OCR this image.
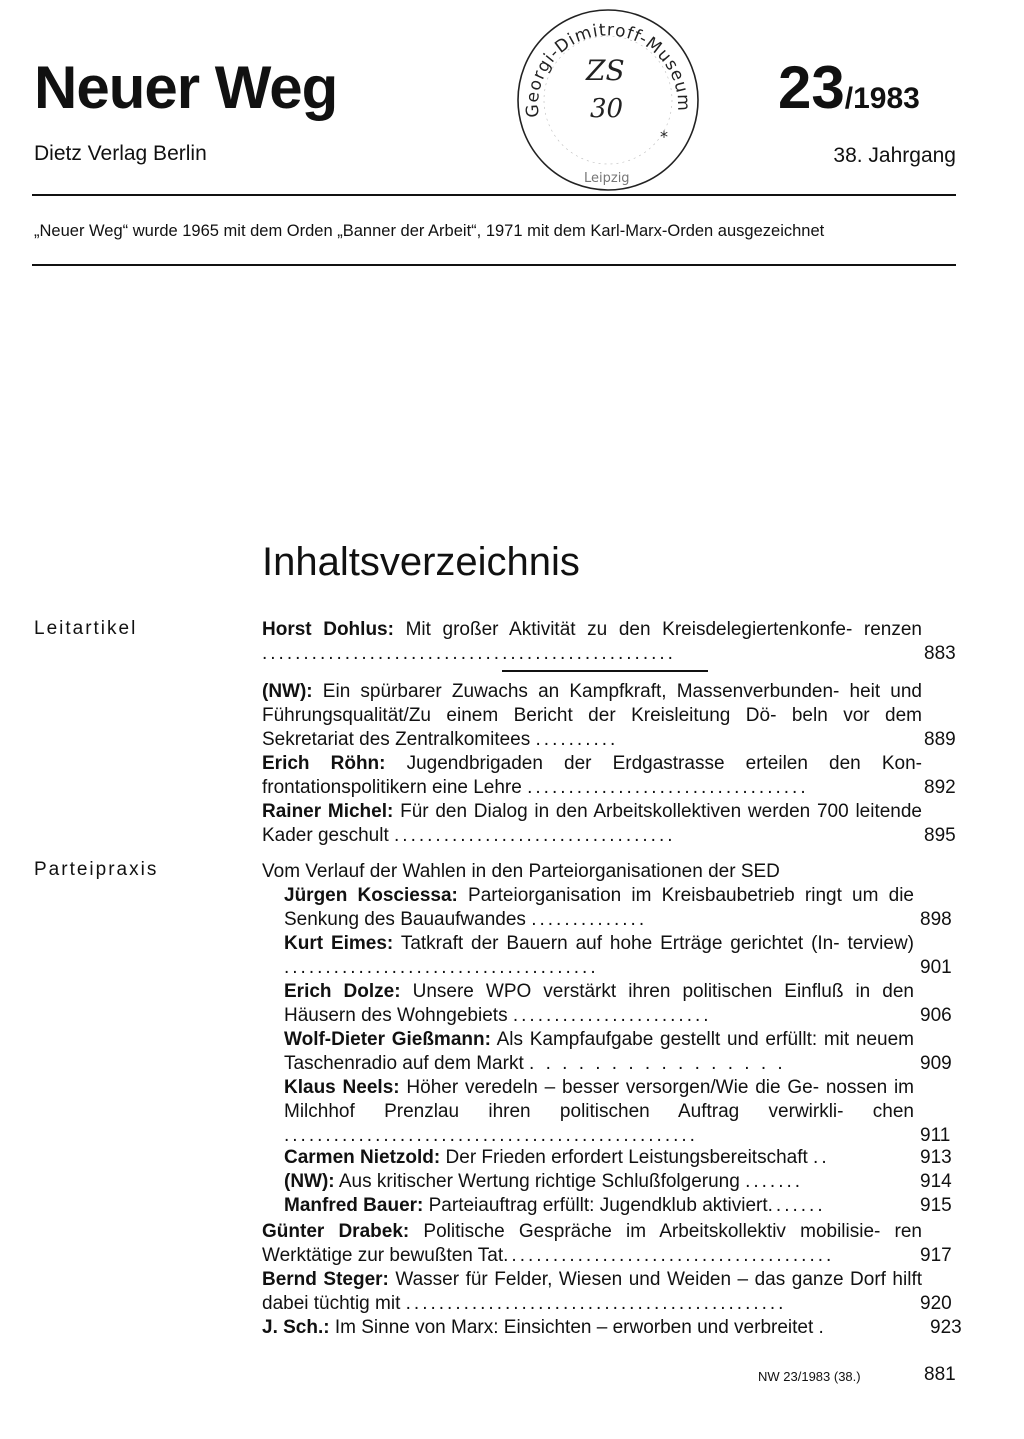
Neuer Weg
Dietz Verlag Berlin
23/1983
38. Jahrgang
„Neuer Weg“ wurde 1965 mit dem Orden „Banner der Arbeit“, 1971 mit dem Karl-Marx-Orden ausgezeichnet
Georgi-Dimitroff-Museum
Leipzig
*
ZS
30
Inhaltsverzeichnis
Leitartikel
Parteipraxis
Horst Dohlus: Mit großer Aktivität zu den Kreisdelegiertenkonfe- renzen ..................................................	883
(NW): Ein spürbarer Zuwachs an Kampfkraft, Massenverbunden- heit und Führungsqualität/Zu einem Bericht der Kreisleitung Dö- beln vor dem Sekretariat des Zentralkomitees ..........	889
Erich Röhn: Jugendbrigaden der Erdgastrasse erteilen den Kon- frontationspolitikern eine Lehre ..................................	892
Rainer Michel: Für den Dialog in den Arbeitskollektiven werden 700 leitende Kader geschult ..................................	895
Vom Verlauf der Wahlen in den Parteiorganisationen der SED
Jürgen Kosciessa: Parteiorganisation im Kreisbaubetrieb ringt um die Senkung des Bauaufwandes ..............	898
Kurt Eimes: Tatkraft der Bauern auf hohe Erträge gerichtet (In- terview) ......................................	901
Erich Dolze: Unsere WPO verstärkt ihren politischen Einfluß in den Häusern des Wohngebiets ........................	906
Wolf-Dieter Gießmann: Als Kampfaufgabe gestellt und erfüllt: mit neuem Taschenradio auf dem Markt . . . . . . . . . . . . . . . .	909
Klaus Neels: Höher veredeln – besser versorgen/Wie die Ge- nossen im Milchhof Prenzlau ihren politischen Auftrag verwirkli- chen ..................................................	911
Carmen Nietzold: Der Frieden erfordert Leistungsbereitschaft ..	913
(NW): Aus kritischer Wertung richtige Schlußfolgerung .......	914
Manfred Bauer: Parteiauftrag erfüllt: Jugendklub aktiviert.......	915
Günter Drabek: Politische Gespräche im Arbeitskollektiv mobilisie- ren Werktätige zur bewußten Tat........................................	917
Bernd Steger: Wasser für Felder, Wiesen und Weiden – das ganze Dorf hilft dabei tüchtig mit ..............................................	920
J. Sch.: Im Sinne von Marx: Einsichten – erworben und verbreitet .	923
NW 23/1983 (38.)	881
